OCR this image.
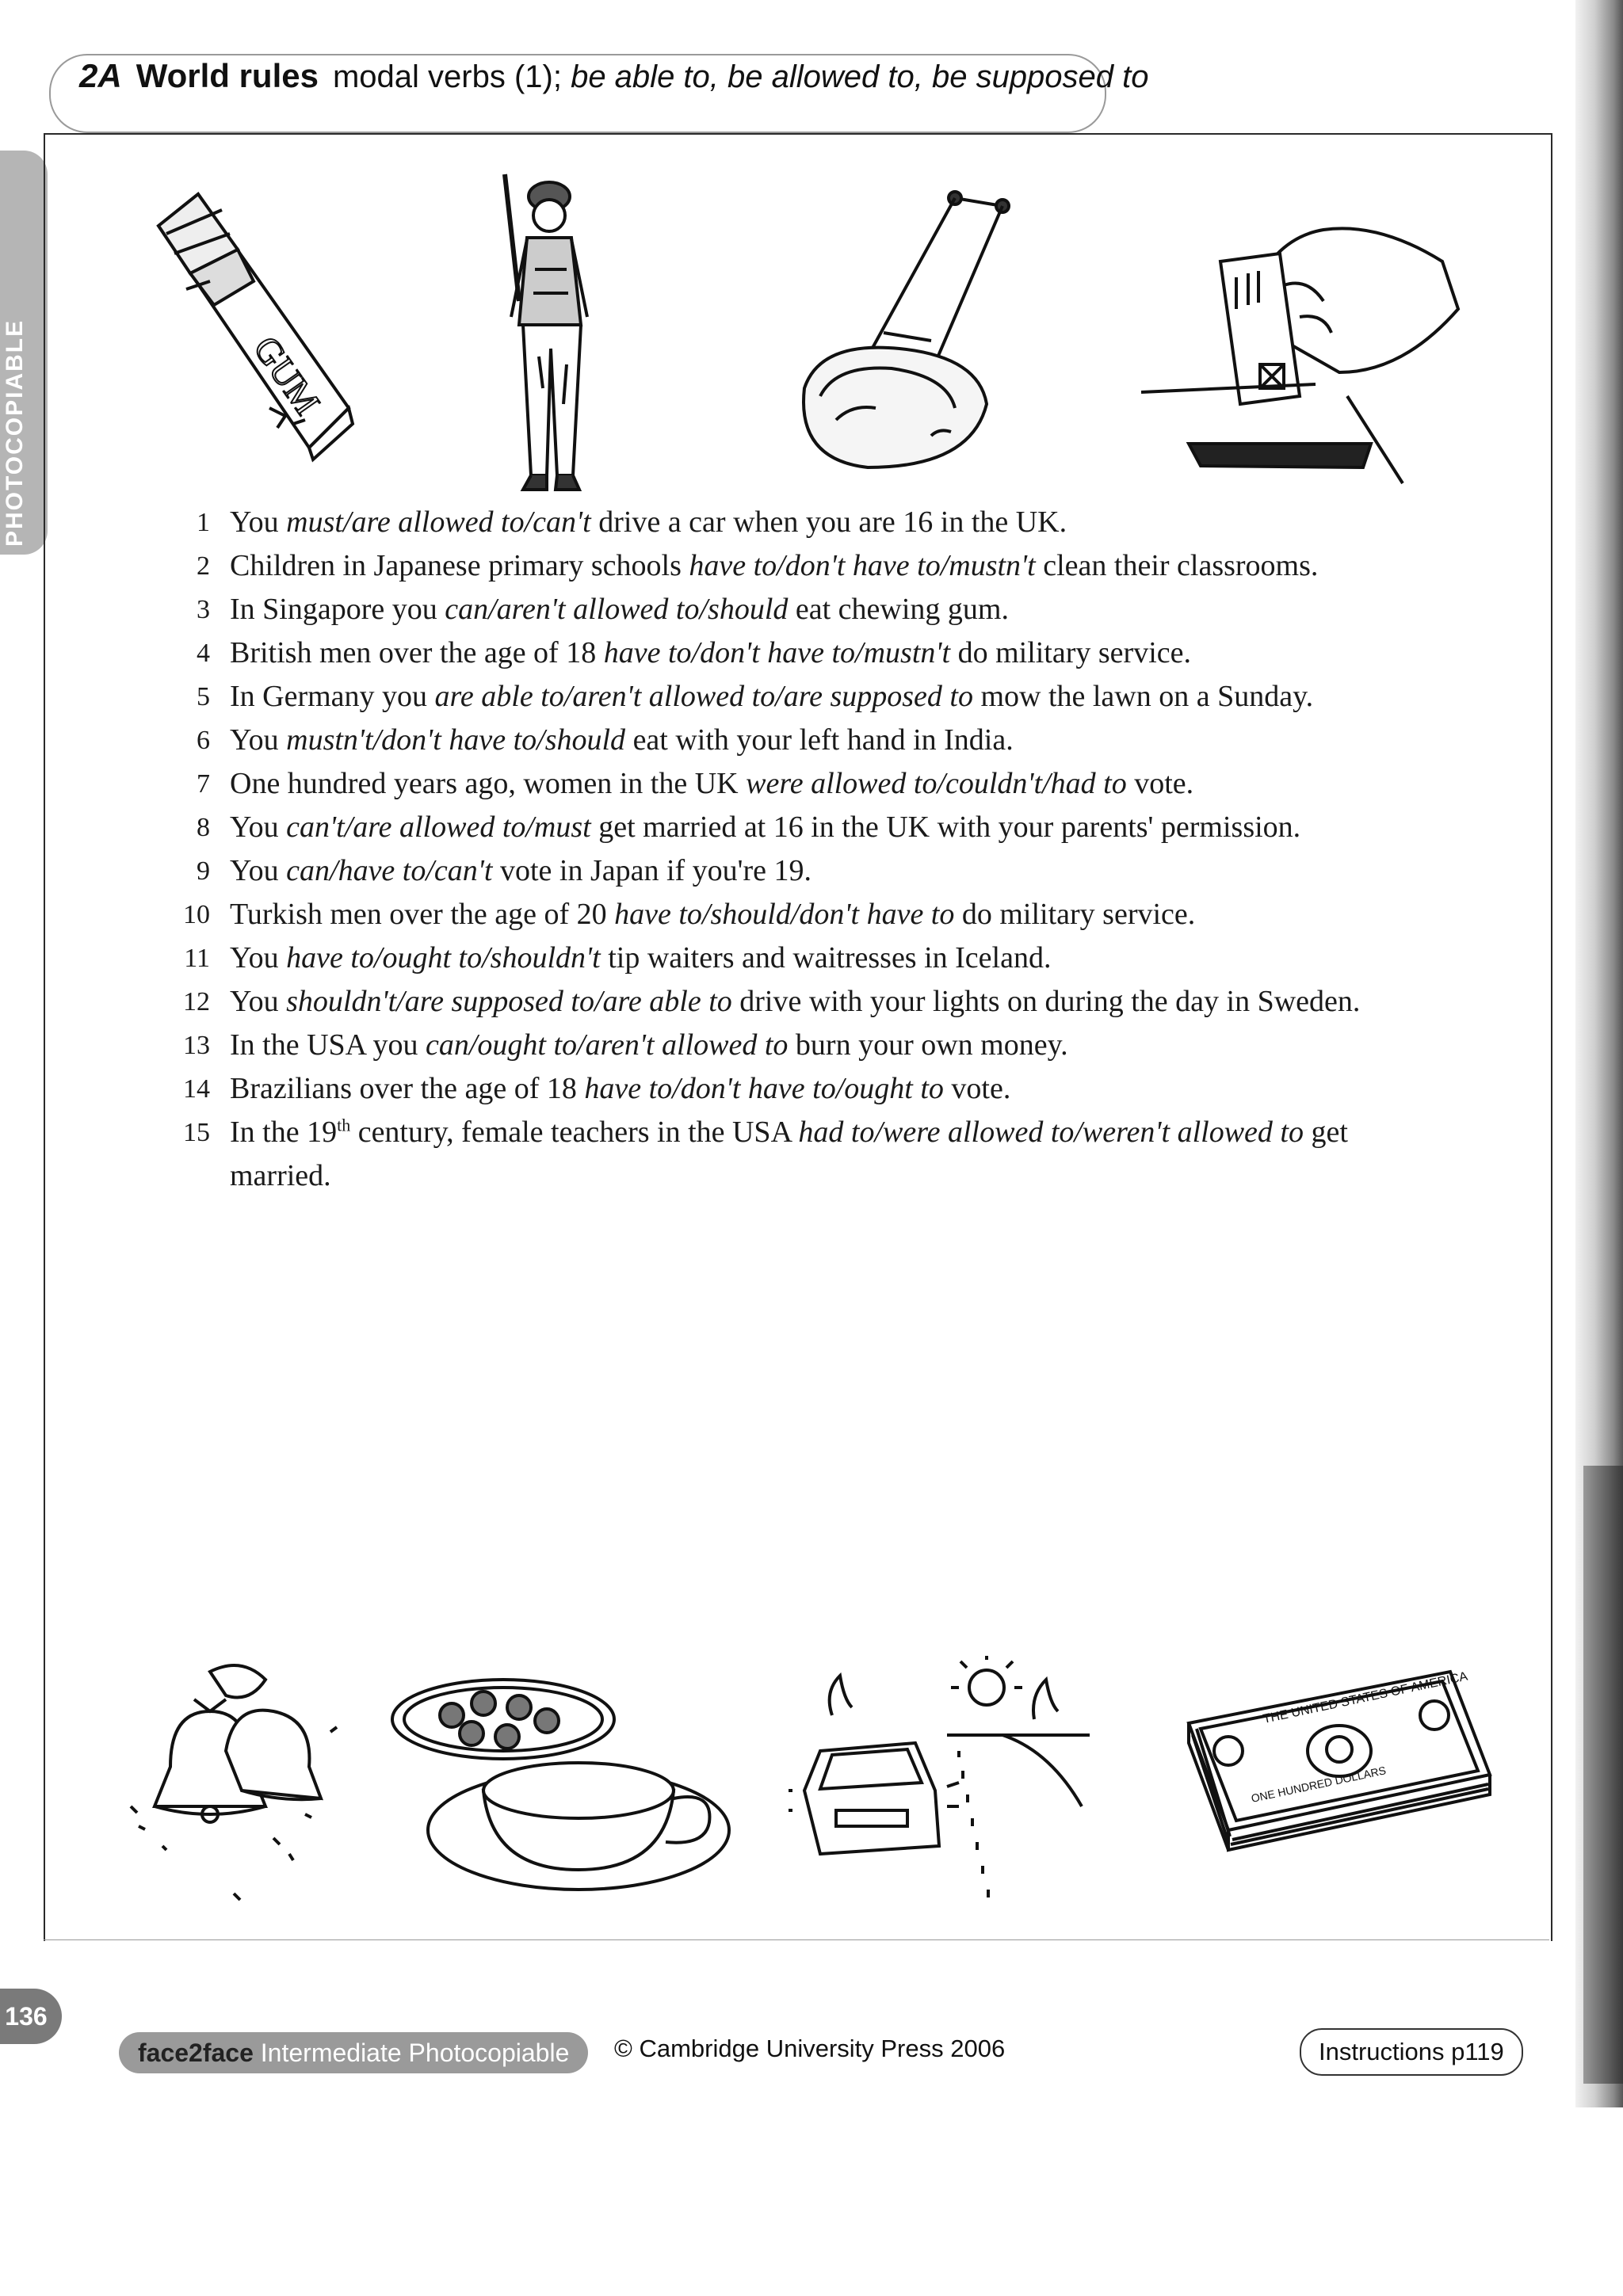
2A World rules modal verbs (1); be able to, be allowed to, be supposed to
PHOTOCOPIABLE	GUM
1 You must/are allowed to/can't drive a car when you are 16 in the UK.
2 Children in Japanese primary schools have to/don't have to/mustn't clean their classrooms.
3 In Singapore you can/aren't allowed to/should eat chewing gum.
4 British men over the age of 18 have to/don't have to/mustn't do military service.
5 In Germany you are able to/aren't allowed to/are supposed to mow the lawn on a Sunday.
6 You mustn't/don't have to/should eat with your left hand in India.
7 One hundred years ago, women in the UK were allowed to/couldn't/had to vote.
8 You can't/are allowed to/must get married at 16 in the UK with your parents' permission.
9 You can/have to/can't vote in Japan if you're 19.
10 Turkish men over the age of 20 have to/should/don't have to do military service.
11 You have to/ought to/shouldn't tip waiters and waitresses in Iceland.
12 You shouldn't/are supposed to/are able to drive with your lights on during the day in Sweden.
13 In the USA you can/ought to/aren't allowed to burn your own money.
14 Brazilians over the age of 18 have to/don't have to/ought to vote.
15 In the 19th century, female teachers in the USA had to/were allowed to/weren't allowed to get married.
THE UNITED STATES OF AMERICA
ONE HUNDRED DOLLARS
136
face2face Intermediate Photocopiable	© Cambridge University Press 2006	Instructions p119
